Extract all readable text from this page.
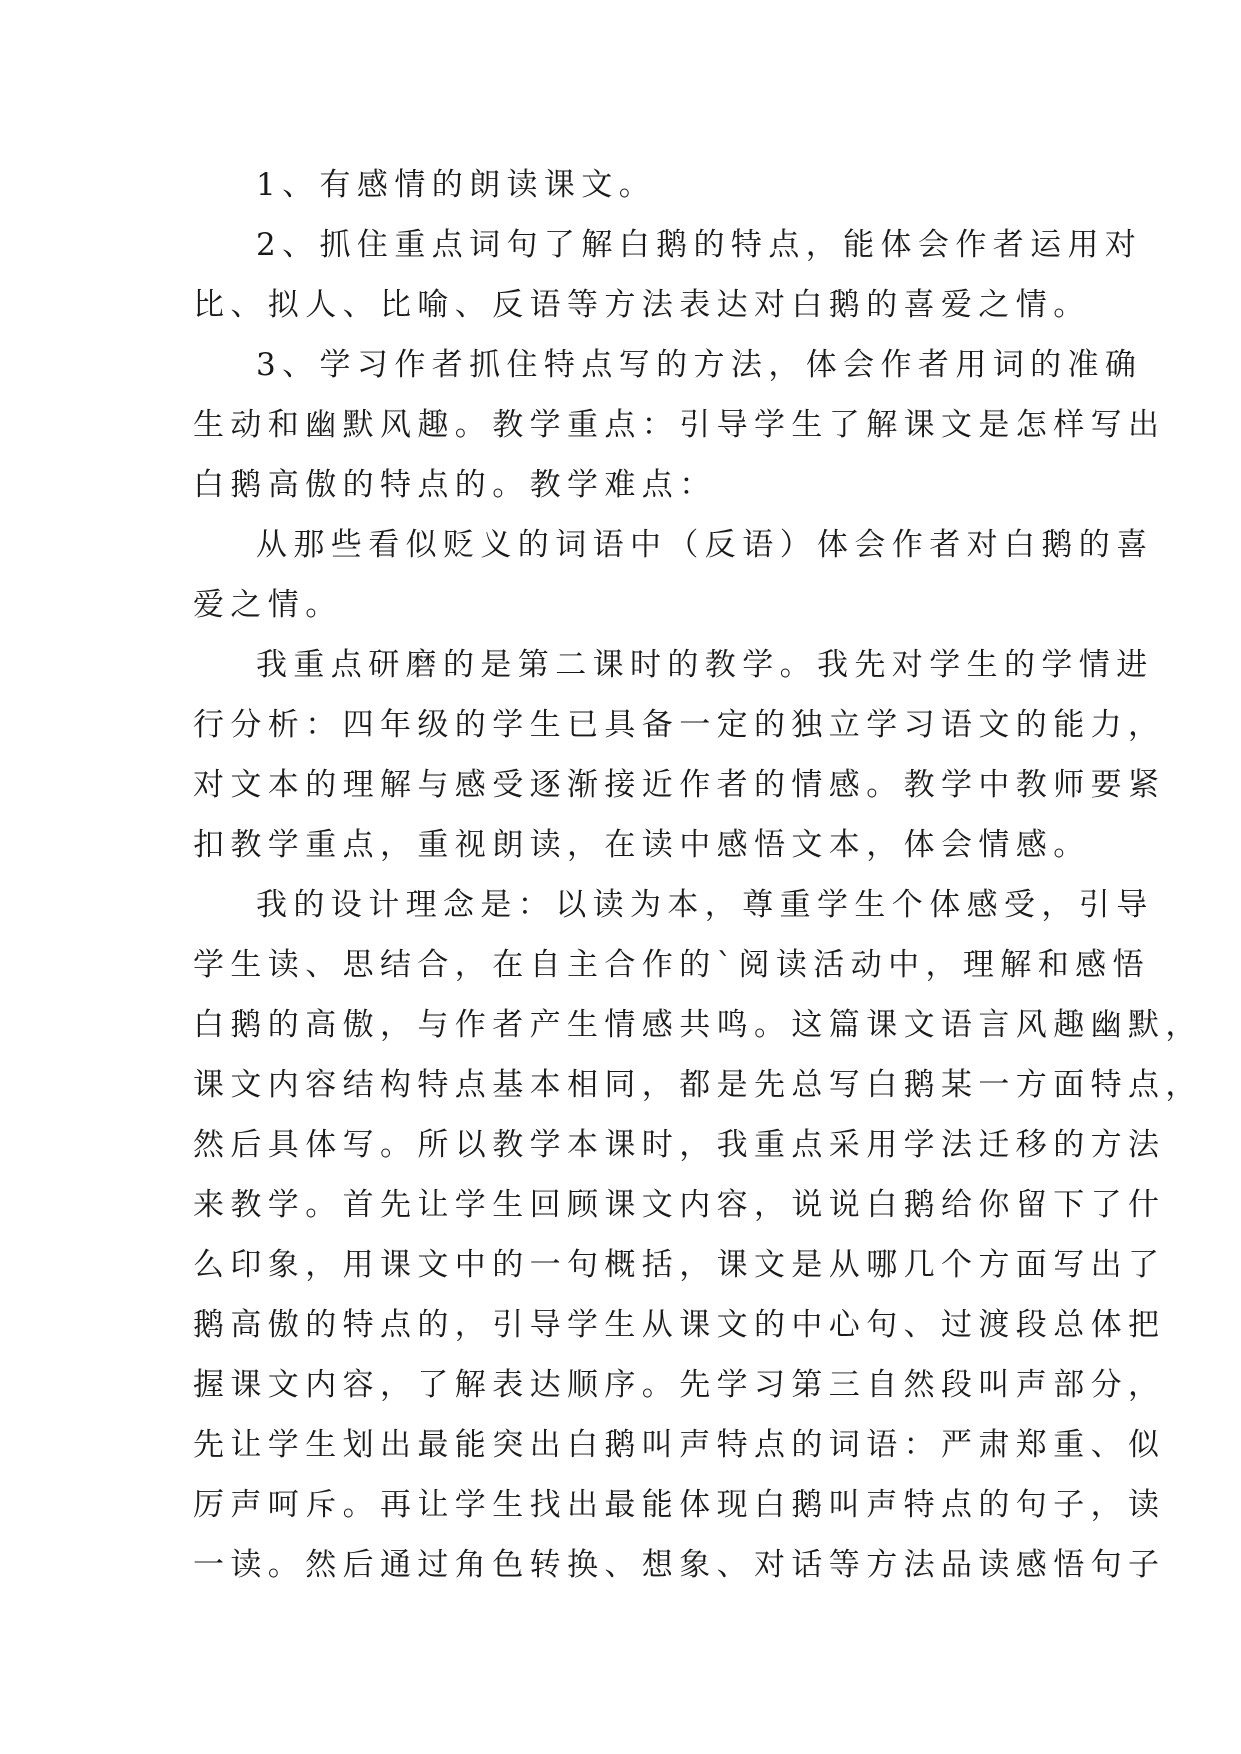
1、有感情的朗读课文。
2、抓住重点词句了解白鹅的特点，能体会作者运用对
比、拟人、比喻、反语等方法表达对白鹅的喜爱之情。
3、学习作者抓住特点写的方法，体会作者用词的准确
生动和幽默风趣。教学重点：引导学生了解课文是怎样写出
白鹅高傲的特点的。教学难点：
从那些看似贬义的词语中（反语）体会作者对白鹅的喜
爱之情。
我重点研磨的是第二课时的教学。我先对学生的学情进
行分析：四年级的学生已具备一定的独立学习语文的能力，
对文本的理解与感受逐渐接近作者的情感。教学中教师要紧
扣教学重点，重视朗读，在读中感悟文本，体会情感。
我的设计理念是：以读为本，尊重学生个体感受，引导
学生读、思结合，在自主合作的`阅读活动中，理解和感悟
白鹅的高傲，与作者产生情感共鸣。这篇课文语言风趣幽默，
课文内容结构特点基本相同，都是先总写白鹅某一方面特点，
然后具体写。所以教学本课时，我重点采用学法迁移的方法
来教学。首先让学生回顾课文内容，说说白鹅给你留下了什
么印象，用课文中的一句概括，课文是从哪几个方面写出了
鹅高傲的特点的，引导学生从课文的中心句、过渡段总体把
握课文内容，了解表达顺序。先学习第三自然段叫声部分，
先让学生划出最能突出白鹅叫声特点的词语：严肃郑重、似
厉声呵斥。再让学生找出最能体现白鹅叫声特点的句子，读
一读。然后通过角色转换、想象、对话等方法品读感悟句子
